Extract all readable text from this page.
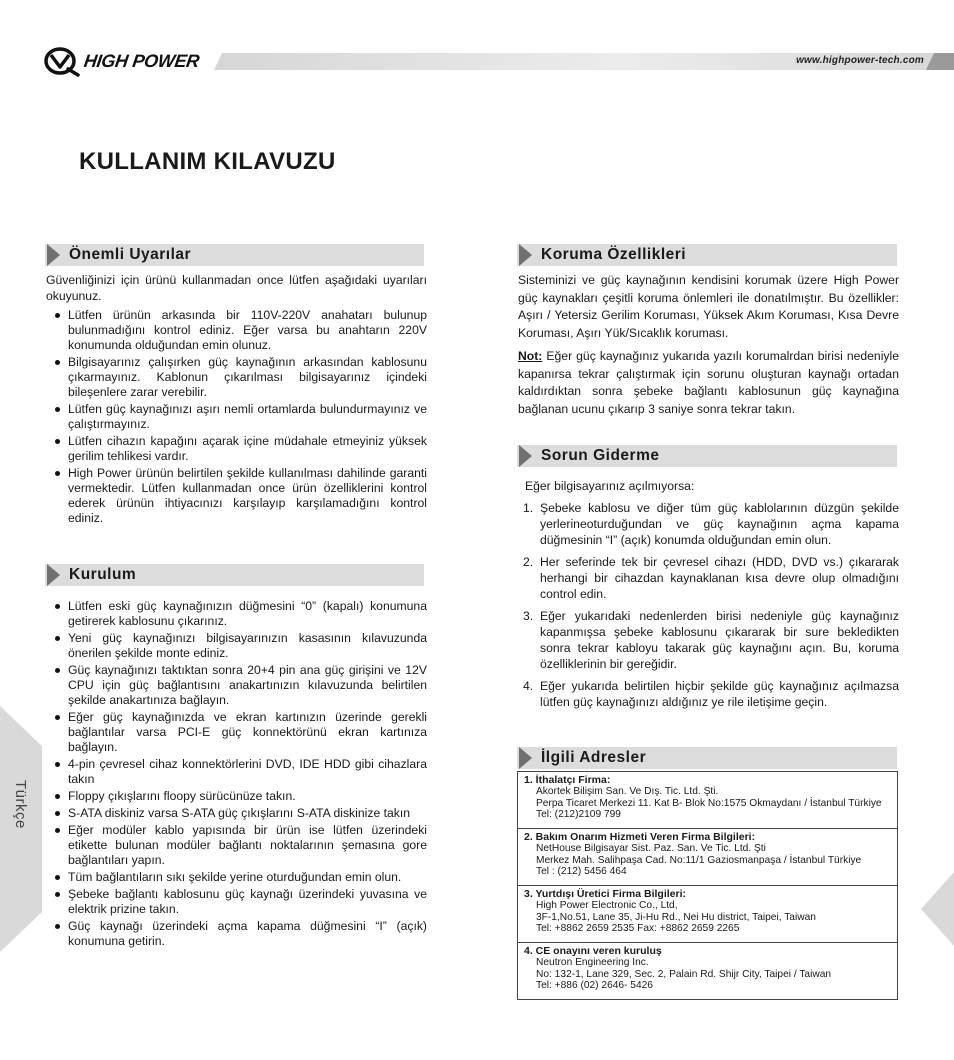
HIGH POWER	www.highpower-tech.com
KULLANIM KILAVUZU
Önemli Uyarılar
Güvenliğinizi için ürünü kullanmadan once lütfen aşağıdaki uyarıları okuyunuz.
Lütfen ürünün arkasında bir 110V-220V anahatarı bulunup bulunmadığını kontrol ediniz. Eğer varsa bu anahtarın 220V konumunda olduğundan emin olunuz.
Bilgisayarınız çalışırken güç kaynağının arkasından kablosunu çıkarmayınız. Kablonun çıkarılması bilgisayarınız içindeki bileşenlere zarar verebilir.
Lütfen güç kaynağınızı aşırı nemli ortamlarda bulundurmayınız ve çalıştırmayınız.
Lütfen cihazın kapağını açarak içine müdahale etmeyiniz yüksek gerilim tehlikesi vardır.
High Power ürünün belirtilen şekilde kullanılması dahilinde garanti vermektedir. Lütfen kullanmadan once ürün özelliklerini kontrol ederek ürünün ihtiyacınızı karşılayıp karşılamadığını kontrol ediniz.
Kurulum
Lütfen eski güç kaynağınızın düğmesini “0” (kapalı) konumuna getirerek kablosunu çıkarınız.
Yeni güç kaynağınızı bilgisayarınızın kasasının kılavuzunda önerilen şekilde monte ediniz.
Güç kaynağınızı taktıktan sonra 20+4 pin ana güç girişini ve 12V CPU için güç bağlantısını anakartınızın kılavuzunda belirtilen şekilde anakartınıza bağlayın.
Eğer güç kaynağınızda ve ekran kartınızın üzerinde gerekli bağlantılar varsa PCI-E güç konnektörünü ekran kartınıza bağlayın.
4-pin çevresel cihaz konnektörlerini DVD, IDE HDD gibi cihazlara takın
Floppy çıkışlarını floopy sürücünüze takın.
S-ATA diskiniz varsa S-ATA güç çıkışlarını S-ATA diskinize takın
Eğer modüler kablo yapısında bir ürün ise lütfen üzerindeki etikette bulunan modüler bağlantı noktalarının şemasına gore bağlantıları yapın.
Tüm bağlantıların sıkı şekilde yerine oturduğundan emin olun.
Şebeke bağlantı kablosunu güç kaynağı üzerindeki yuvasına ve elektrik prizine takın.
Güç kaynağı üzerindeki açma kapama düğmesini “I” (açık) konumuna getirin.
Koruma Özellikleri
Sisteminizi ve güç kaynağının kendisini korumak üzere High Power güç kaynakları çeşitli koruma önlemleri ile donatılmıştır. Bu özellikler: Aşırı / Yetersiz Gerilim Koruması, Yüksek Akım Koruması, Kısa Devre Koruması, Aşırı Yük/Sıcaklık koruması.
Not: Eğer güç kaynağınız yukarıda yazılı korumalrdan birisi nedeniyle kapanırsa tekrar çalıştırmak için sorunu oluşturan kaynağı ortadan kaldırdıktan sonra şebeke bağlantı kablosunun güç kaynağına bağlanan ucunu çıkarıp 3 saniye sonra tekrar takın.
Sorun Giderme
Eğer bilgisayarınız açılmıyorsa:
1. Şebeke kablosu ve diğer tüm güç kablolarının düzgün şekilde yerlerineoturduğundan ve güç kaynağının açma kapama düğmesinin “I” (açık) konumda olduğundan emin olun.
2. Her seferinde tek bir çevresel cihazı (HDD, DVD vs.) çıkararak herhangi bir cihazdan kaynaklanan kısa devre olup olmadığını control edin.
3. Eğer yukarıdaki nedenlerden birisi nedeniyle güç kaynağınız kapanmışsa şebeke kablosunu çıkararak bir sure bekledikten sonra tekrar kabloyu takarak güç kaynağını açın. Bu, koruma özelliklerinin bir gereğidir.
4. Eğer yukarıda belirtilen hiçbir şekilde güç kaynağınız açılmazsa lütfen güç kaynağınızı aldığınız ye rile iletişime geçin.
İlgili Adresler
1. İthalatçı Firma:
Akortek Bilişim San. Ve Dış. Tic. Ltd. Şti.
Perpa Ticaret Merkezi 11. Kat B- Blok No:1575 Okmaydanı / İstanbul Türkiye
Tel: (212)2109 799
2. Bakım Onarım Hizmeti Veren Firma Bilgileri:
NetHouse Bilgisayar Sist. Paz. San. Ve Tic. Ltd. Şti
Merkez Mah. Salihpaşa Cad. No:11/1 Gaziosmanpaşa / İstanbul Türkiye
Tel : (212) 5456 464
3. Yurtdışı Üretici Firma Bilgileri:
High Power Electronic Co., Ltd,
3F-1,No.51, Lane 35, Ji-Hu Rd., Nei Hu district, Taipei, Taiwan
Tel: +8862 2659 2535 Fax: +8862 2659 2265
4. CE onayını veren kuruluş
Neutron Engineering Inc.
No: 132-1, Lane 329, Sec. 2, Palain Rd. Shijr City, Taipei / Taiwan
Tel: +886 (02) 2646- 5426
Türkçe
